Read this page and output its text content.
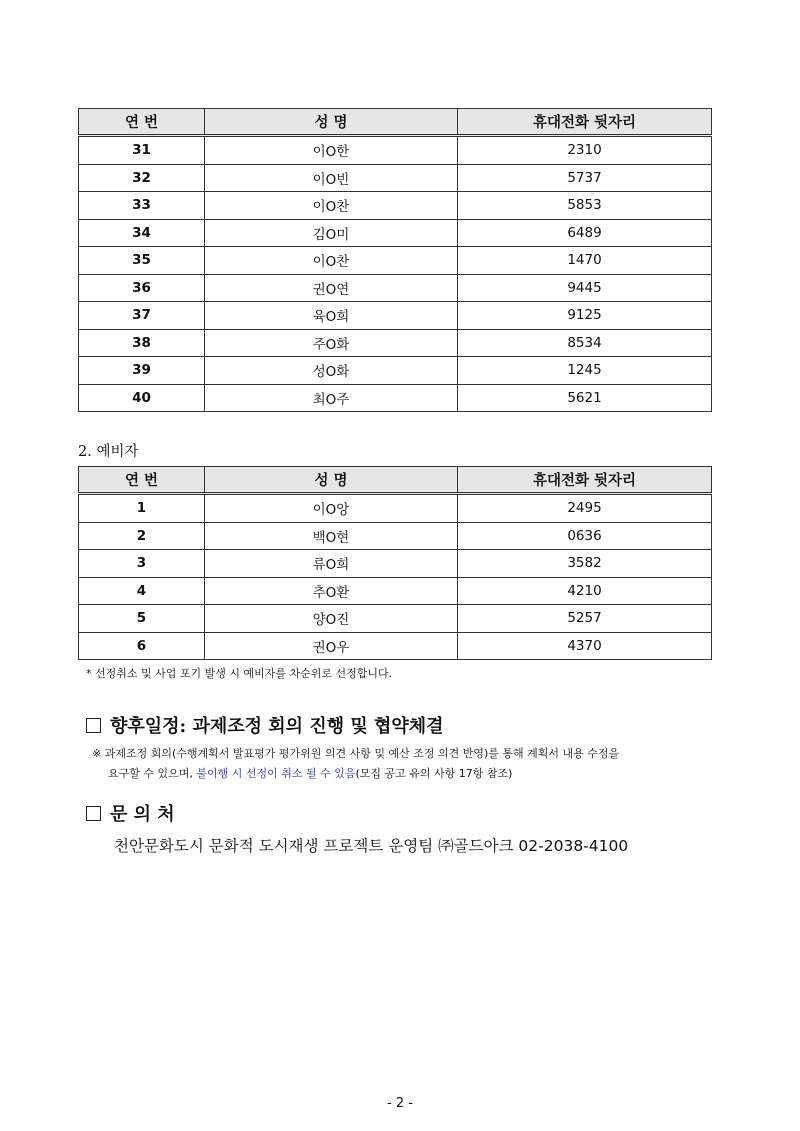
연 번	성 명	휴대전화 뒷자리
31	이O한	2310
32	이O빈	5737
33	이O찬	5853
34	김O미	6489
35	이O찬	1470
36	권O연	9445
37	육O희	9125
38	주O화	8534
39	성O화	1245
40	최O주	5621
2. 예비자
연 번	성 명	휴대전화 뒷자리
1	이O앙	2495
2	백O현	0636
3	류O희	3582
4	추O환	4210
5	양O진	5257
6	권O우	4370
* 선정취소 및 사업 포기 발생 시 예비자를 차순위로 선정합니다.
향후일정: 과제조정 회의 진행 및 협약체결
※ 과제조정 회의(수행계획서 발표평가 평가위원 의견 사항 및 예산 조정 의견 반영)를 통해 계획서 내용 수정을
요구할 수 있으며, 불이행 시 선정이 취소 될 수 있음(모집 공고 유의 사항 17항 참조)
문 의 처
천안문화도시 문화적 도시재생 프로젝트 운영팀 ㈜골드아크 02-2038-4100
- 2 -
